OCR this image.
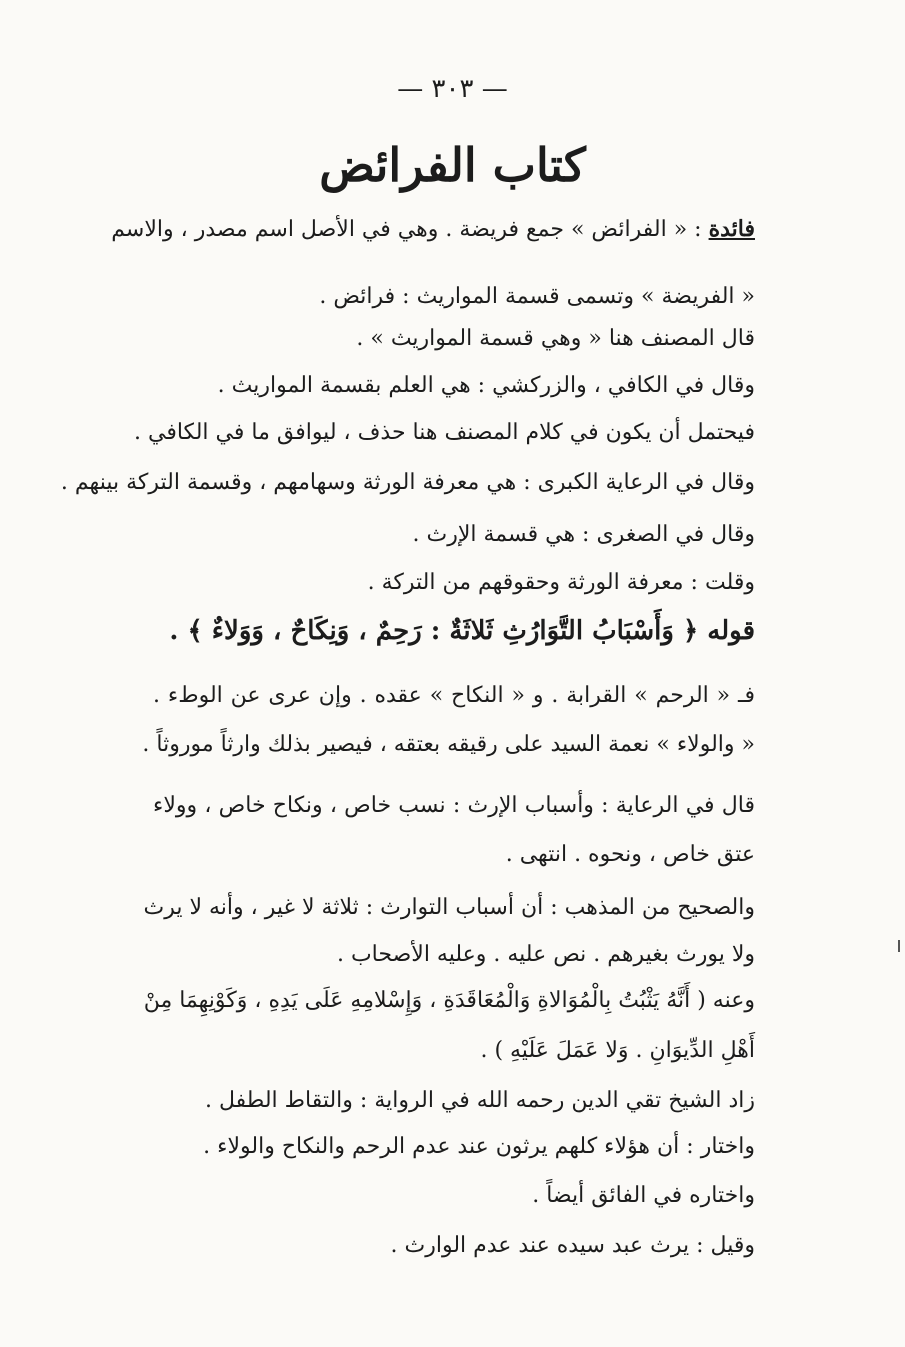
— ٣٠٣ —
كتاب الفرائض
فائدة : « الفرائض » جمع فريضة . وهي في الأصل اسم مصدر ، والاسم
« الفريضة » وتسمى قسمة المواريث : فرائض .
قال المصنف هنا « وهي قسمة المواريث » .
وقال في الكافي ، والزركشي : هي العلم بقسمة المواريث .
فيحتمل أن يكون في كلام المصنف هنا حذف ، ليوافق ما في الكافي .
وقال في الرعاية الكبرى : هي معرفة الورثة وسهامهم ، وقسمة التركة بينهم .
وقال في الصغرى : هي قسمة الإرث .
وقلت : معرفة الورثة وحقوقهم من التركة .
قوله ﴿ وَأَسْبَابُ التَّوَارُثِ ثَلاثَةٌ : رَحِمٌ ، وَنِكَاحٌ ، وَوَلاءٌ ﴾ .
فـ « الرحم » القرابة . و « النكاح » عقده . وإن عرى عن الوطء .
« والولاء » نعمة السيد على رقيقه بعتقه ، فيصير بذلك وارثاً موروثاً .
قال في الرعاية : وأسباب الإرث : نسب خاص ، ونكاح خاص ، وولاء
عتق خاص ، ونحوه . انتهى .
والصحيح من المذهب : أن أسباب التوارث : ثلاثة لا غير ، وأنه لا يرث
ولا يورث بغيرهم . نص عليه . وعليه الأصحاب .
وعنه ( أَنَّهُ يَثْبُتُ بِالْمُوَالاةِ وَالْمُعَاقَدَةِ ، وَإِسْلامِهِ عَلَى يَدِهِ ، وَكَوْنِهِمَا مِنْ
أَهْلِ الدِّيوَانِ . وَلا عَمَلَ عَلَيْهِ ) .
زاد الشيخ تقي الدين رحمه الله في الرواية : والتقاط الطفل .
واختار : أن هؤلاء كلهم يرثون عند عدم الرحم والنكاح والولاء .
واختاره في الفائق أيضاً .
وقيل : يرث عبد سيده عند عدم الوارث .
